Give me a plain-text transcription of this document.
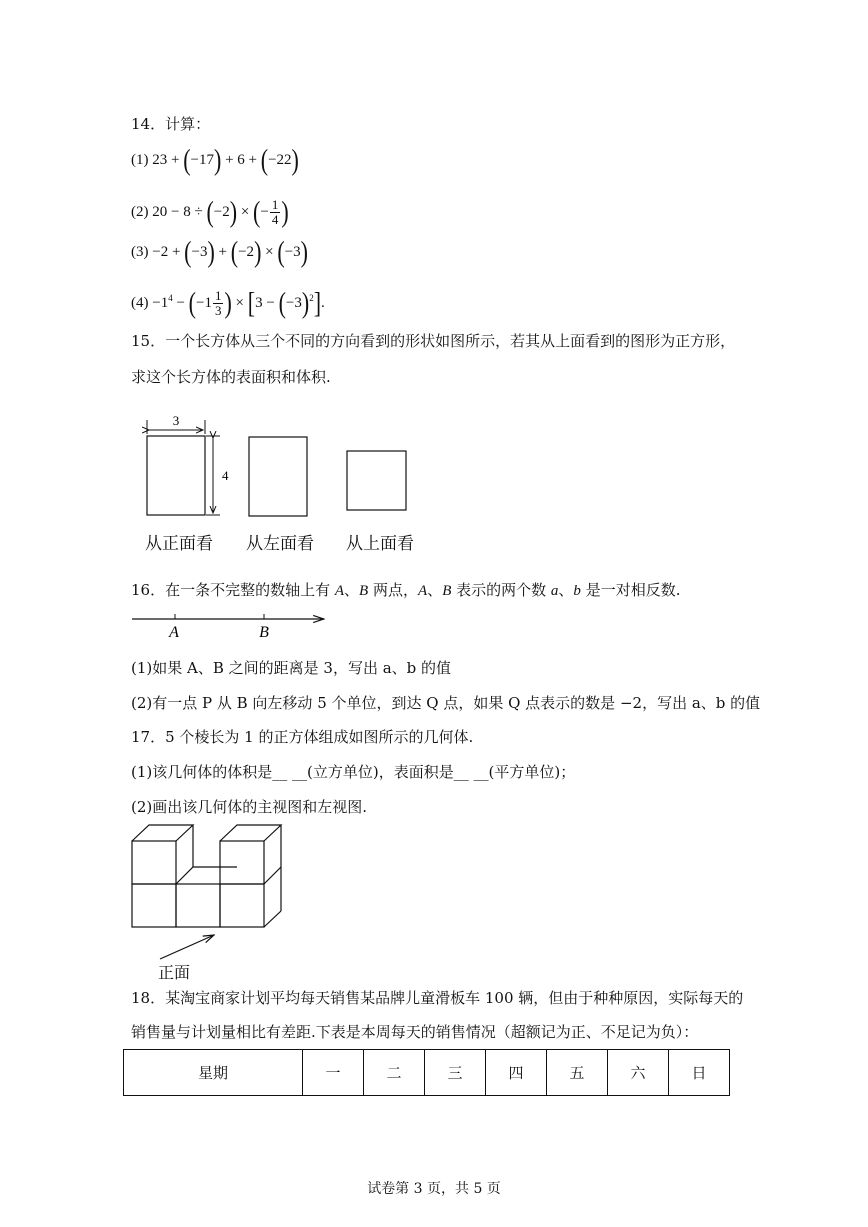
14．计算：
(1) 23 + (−17) + 6 + (−22)
(2) 20 − 8 ÷ (−2) × (− $\frac{1}{4}$ )
(3) −2 + (−3) + (−2) × (−3)
$(4) -1^4 - (-1 \frac{1}{3}$ ) × $[3 - (-3)^2]$.
15．一个长方体从三个不同的方向看到的形状如图所示，若其从上面看到的图形为正方形，
求这个长方体的表面积和体积.
3
4
从正面看 从左面看 从上面看
16．在一条不完整的数轴上有 A、B 两点，A、B 表示的两个数 a、b 是一对相反数.
A	B
(1)如果 A、B 之间的距离是 3，写出 a、b 的值
(2)有一点 P 从 B 向左移动 5 个单位，到达 Q 点，如果 Q 点表示的数是 −2，写出 a、b 的值
17．5 个棱长为 1 的正方体组成如图所示的几何体.
(1)该几何体的体积是__ __(立方单位)，表面积是__ __(平方单位)；
(2)画出该几何体的主视图和左视图.
正面
18．某淘宝商家计划平均每天销售某品牌儿童滑板车 100 辆，但由于种种原因，实际每天的
销售量与计划量相比有差距.下表是本周每天的销售情况（超额记为正、不足记为负）：
星期	一	二	三	四	五	六	日
试卷第 3 页，共 5 页
